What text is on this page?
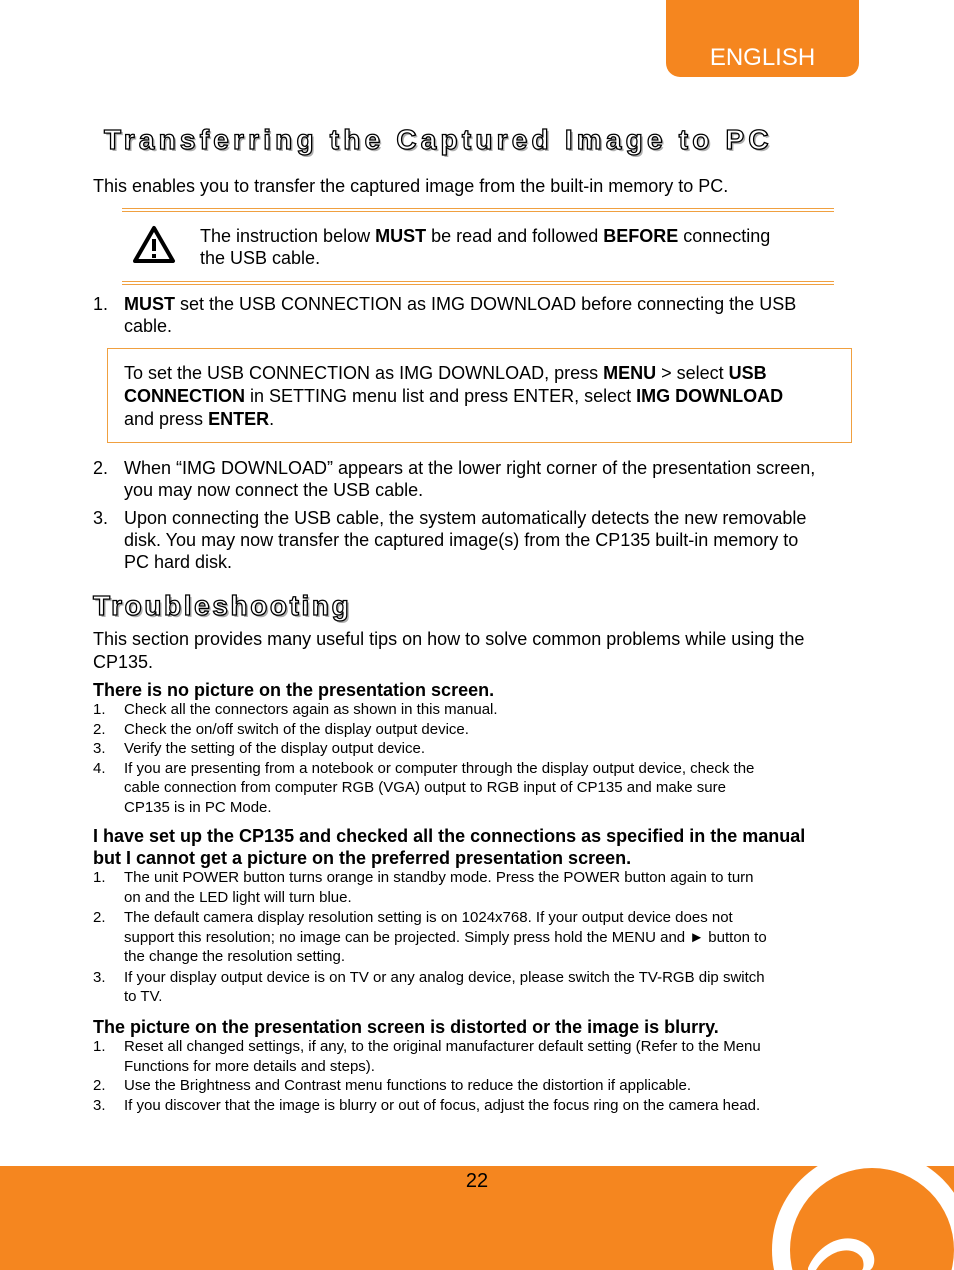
ENGLISH
Transferring the Captured Image to PC
This enables you to transfer the captured image from the built-in memory to PC.
The instruction below MUST be read and followed BEFORE connecting
the USB cable.
1. MUST set the USB CONNECTION as IMG DOWNLOAD before connecting the USB
cable.
To set the USB CONNECTION as IMG DOWNLOAD, press MENU > select USB
CONNECTION in SETTING menu list and press ENTER, select IMG DOWNLOAD
and press ENTER.
2. When “IMG DOWNLOAD” appears at the lower right corner of the presentation screen,
you may now connect the USB cable.
3. Upon connecting the USB cable, the system automatically detects the new removable
disk. You may now transfer the captured image(s) from the CP135 built-in memory to
PC hard disk.
Troubleshooting
This section provides many useful tips on how to solve common problems while using the
CP135.
There is no picture on the presentation screen.
1. Check all the connectors again as shown in this manual.
2. Check the on/off switch of the display output device.
3. Verify the setting of the display output device.
4. If you are presenting from a notebook or computer through the display output device, check the
cable connection from computer RGB (VGA) output to RGB input of CP135 and make sure
CP135 is in PC Mode.
I have set up the CP135 and checked all the connections as specified in the manual
but I cannot get a picture on the preferred presentation screen.
1. The unit POWER button turns orange in standby mode. Press the POWER button again to turn
on and the LED light will turn blue.
2. The default camera display resolution setting is on 1024x768. If your output device does not
support this resolution; no image can be projected. Simply press hold the MENU and ► button to
the change the resolution setting.
3. If your display output device is on TV or any analog device, please switch the TV-RGB dip switch
to TV.
The picture on the presentation screen is distorted or the image is blurry.
1. Reset all changed settings, if any, to the original manufacturer default setting (Refer to the Menu
Functions for more details and steps).
2. Use the Brightness and Contrast menu functions to reduce the distortion if applicable.
3. If you discover that the image is blurry or out of focus, adjust the focus ring on the camera head.
22
